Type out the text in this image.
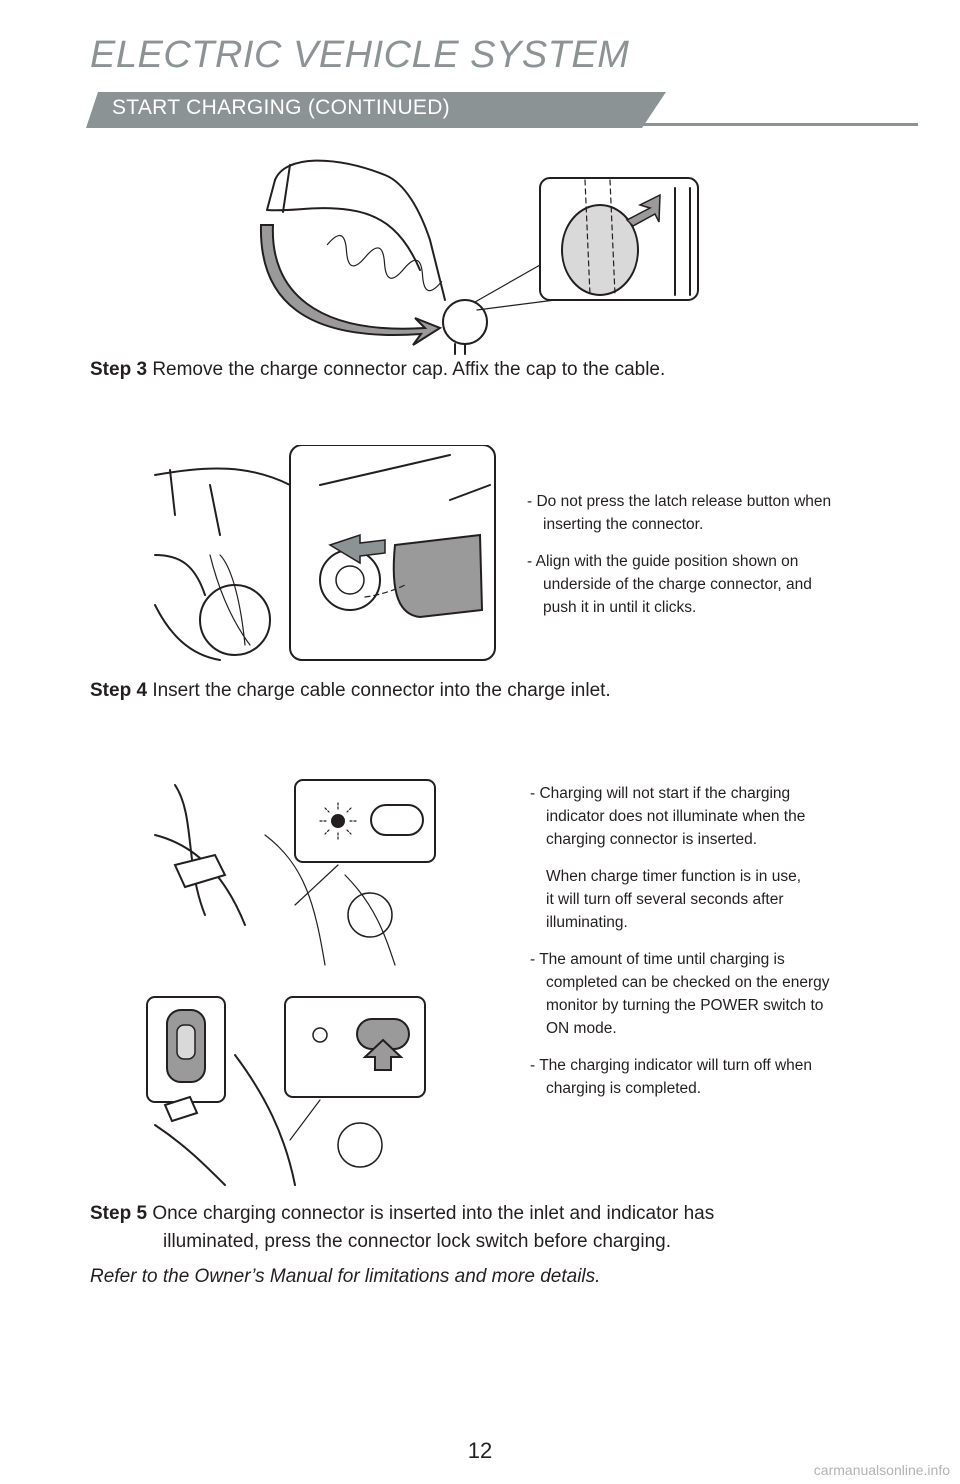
ELECTRIC VEHICLE SYSTEM
START CHARGING (CONTINUED)
Step 3 Remove the charge connector cap. Affix the cap to the cable.

- Do not press the latch release button when
inserting the connector.

- Align with the guide position shown on
underside of the charge connector, and
push it in until it clicks.

Step 4 Insert the charge cable connector into the charge inlet.

- Charging will not start if the charging
indicator does not illuminate when the
charging connector is inserted.

When charge timer function is in use,
it will turn off several seconds after
illuminating.

- The amount of time until charging is
completed can be checked on the energy
monitor by turning the POWER switch to
ON mode.

- The charging indicator will turn off when
charging is completed.

Step 5 Once charging connector is inserted into the inlet and indicator has
illuminated, press the connector lock switch before charging.
Refer to the Owner’s Manual for limitations and more details.
12
carmanualsonline.info
